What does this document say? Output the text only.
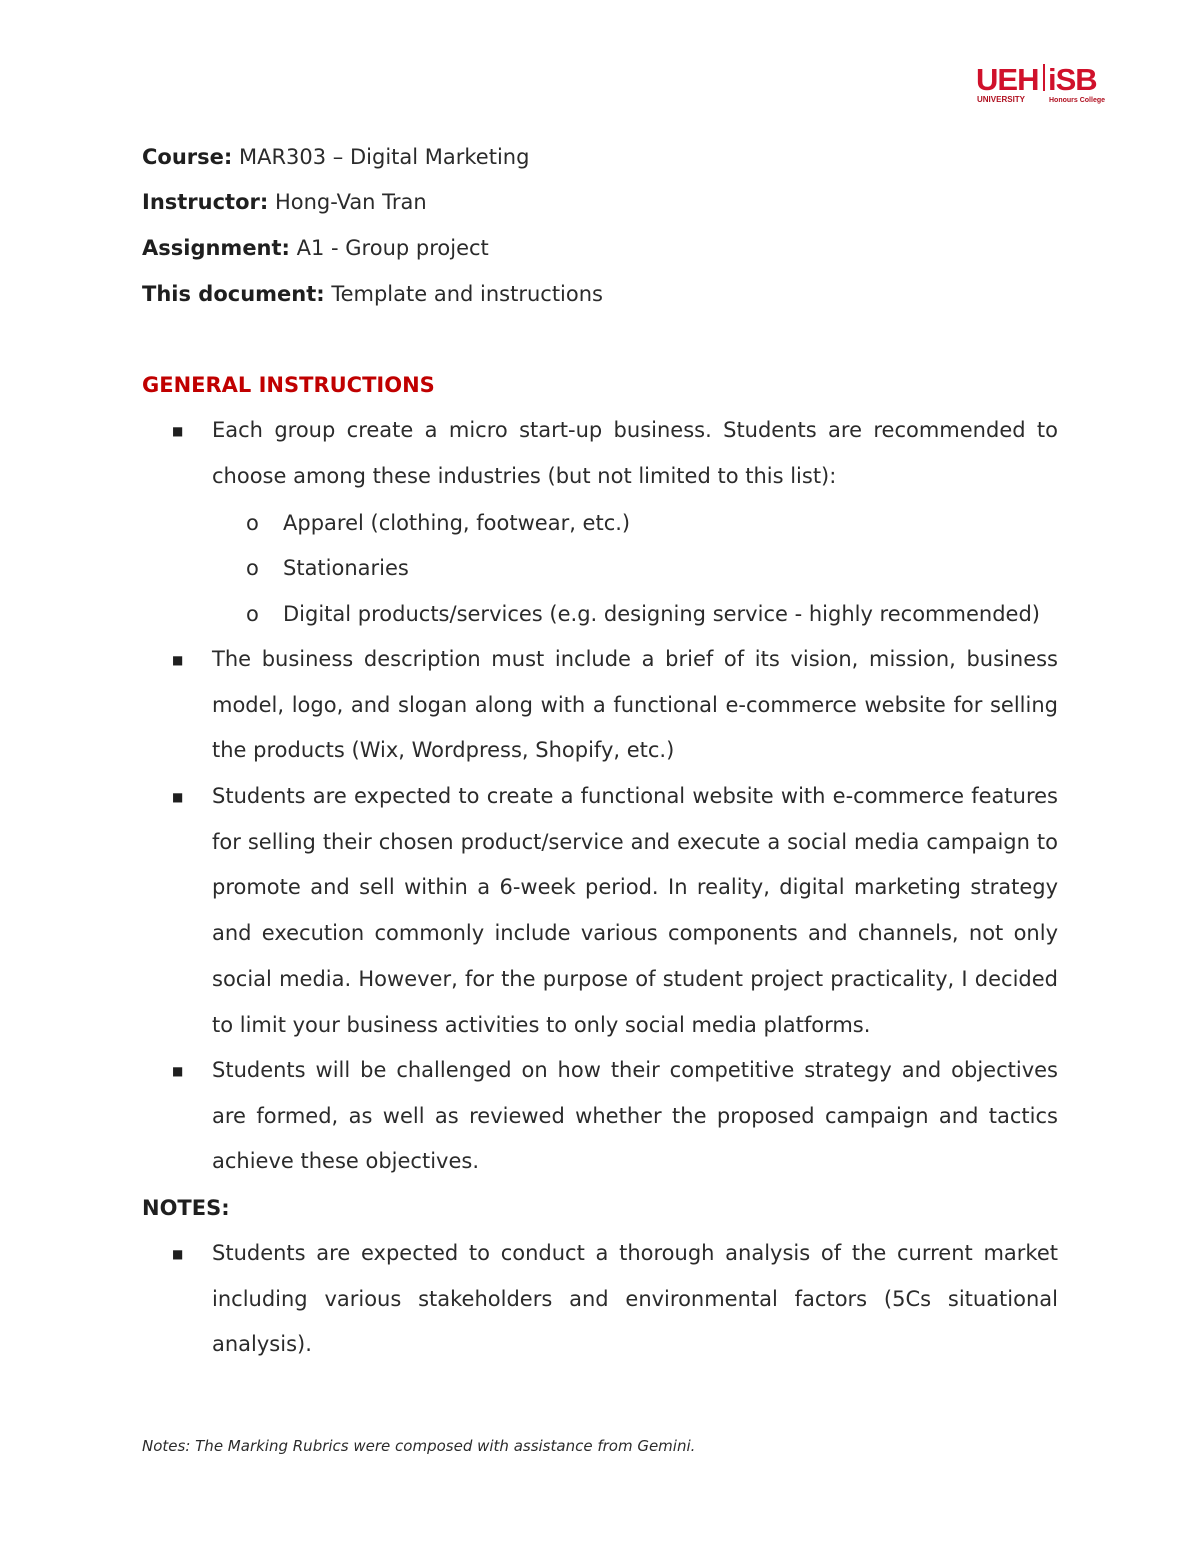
UEH iSB
UNIVERSITY	Honours College
Course: MAR303 – Digital Marketing
Instructor: Hong-Van Tran
Assignment: A1 - Group project
This document: Template and instructions
GENERAL INSTRUCTIONS
■ Each group create a micro start-up business. Students are recommended to choose among these industries (but not limited to this list):
o Apparel (clothing, footwear, etc.)
o Stationaries
o Digital products/services (e.g. designing service - highly recommended)
■ The business description must include a brief of its vision, mission, business model, logo, and slogan along with a functional e-commerce website for selling the products (Wix, Wordpress, Shopify, etc.)
■ Students are expected to create a functional website with e-commerce features for selling their chosen product/service and execute a social media campaign to promote and sell within a 6-week period. In reality, digital marketing strategy and execution commonly include various components and channels, not only social media. However, for the purpose of student project practicality, I decided to limit your business activities to only social media platforms.
■ Students will be challenged on how their competitive strategy and objectives are formed, as well as reviewed whether the proposed campaign and tactics achieve these objectives.
NOTES:
■ Students are expected to conduct a thorough analysis of the current market including various stakeholders and environmental factors (5Cs situational analysis).
Notes: The Marking Rubrics were composed with assistance from Gemini.
